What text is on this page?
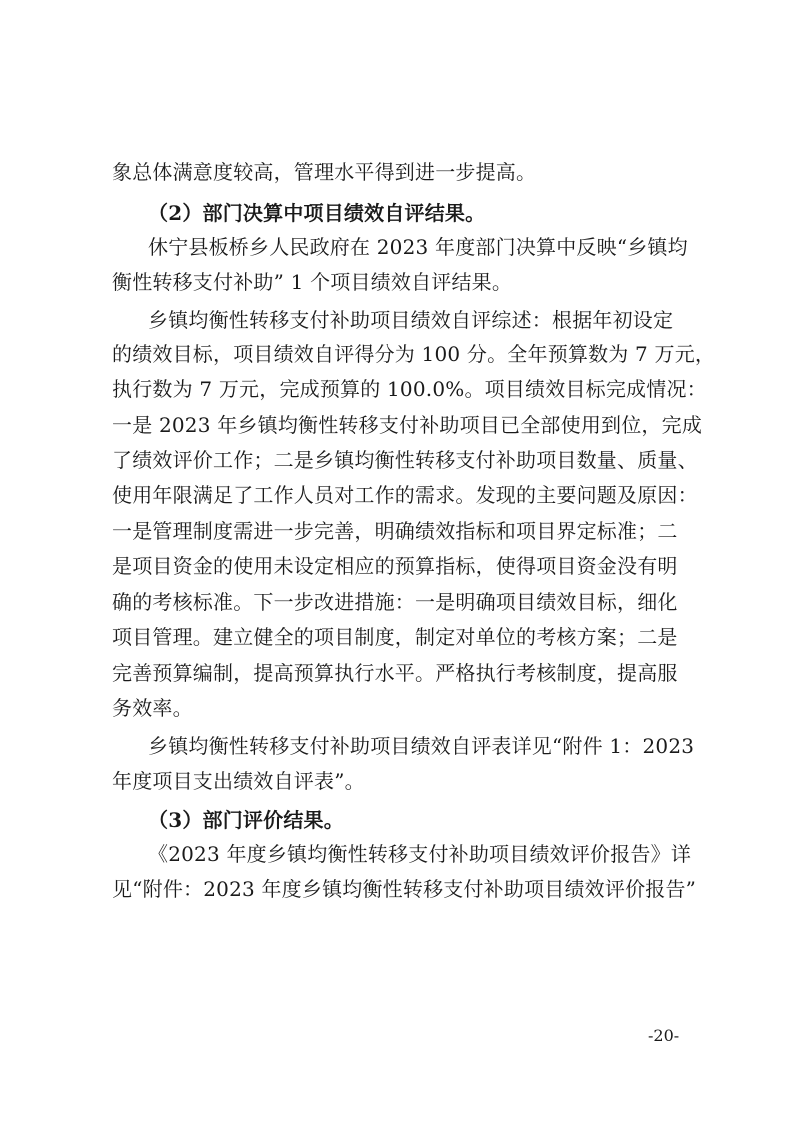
象总体满意度较高，管理水平得到进一步提高。
（2）部门决算中项目绩效自评结果。
休宁县板桥乡人民政府在 2023 年度部门决算中反映“乡镇均
衡性转移支付补助” 1 个项目绩效自评结果。
乡镇均衡性转移支付补助项目绩效自评综述：根据年初设定
的绩效目标，项目绩效自评得分为 100 分。全年预算数为 7 万元，
执行数为 7 万元，完成预算的 100.0%。项目绩效目标完成情况：
一是 2023 年乡镇均衡性转移支付补助项目已全部使用到位，完成
了绩效评价工作；二是乡镇均衡性转移支付补助项目数量、质量、
使用年限满足了工作人员对工作的需求。发现的主要问题及原因：
一是管理制度需进一步完善，明确绩效指标和项目界定标准；二
是项目资金的使用未设定相应的预算指标，使得项目资金没有明
确的考核标准。下一步改进措施：一是明确项目绩效目标，细化
项目管理。建立健全的项目制度，制定对单位的考核方案；二是
完善预算编制，提高预算执行水平。严格执行考核制度，提高服
务效率。
乡镇均衡性转移支付补助项目绩效自评表详见“附件 1：2023
年度项目支出绩效自评表”。
（3）部门评价结果。
《2023 年度乡镇均衡性转移支付补助项目绩效评价报告》详
见“附件：2023 年度乡镇均衡性转移支付补助项目绩效评价报告”
-20-
